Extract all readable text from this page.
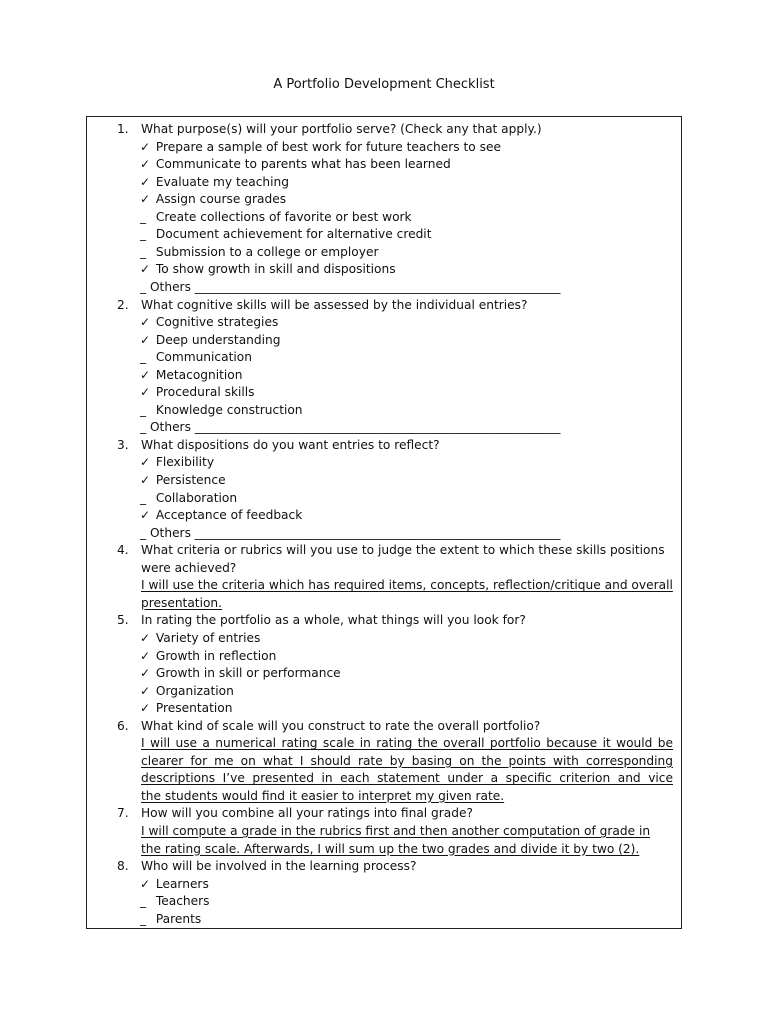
A Portfolio Development Checklist
1. What purpose(s) will your portfolio serve? (Check any that apply.)
✓ Prepare a sample of best work for future teachers to see
✓ Communicate to parents what has been learned
✓ Evaluate my teaching
✓ Assign course grades
_ Create collections of favorite or best work
_ Document achievement for alternative credit
_ Submission to a college or employer
✓ To show growth in skill and dispositions
_ Others ____________________________________________________________
2. What cognitive skills will be assessed by the individual entries?
✓ Cognitive strategies
✓ Deep understanding
_ Communication
✓ Metacognition
✓ Procedural skills
_ Knowledge construction
_ Others ____________________________________________________________
3. What dispositions do you want entries to reflect?
✓ Flexibility
✓ Persistence
_ Collaboration
✓ Acceptance of feedback
_ Others ____________________________________________________________
4. What criteria or rubrics will you use to judge the extent to which these skills positions
were achieved?
I will use the criteria which has required items, concepts, reflection/critique and overall
presentation.
5. In rating the portfolio as a whole, what things will you look for?
✓ Variety of entries
✓ Growth in reflection
✓ Growth in skill or performance
✓ Organization
✓ Presentation
6. What kind of scale will you construct to rate the overall portfolio?
I will use a numerical rating scale in rating the overall portfolio because it would be
clearer for me on what I should rate by basing on the points with corresponding
descriptions I’ve presented in each statement under a specific criterion and vice
the students would find it easier to interpret my given rate.
7. How will you combine all your ratings into final grade?
I will compute a grade in the rubrics first and then another computation of grade in
the rating scale. Afterwards, I will sum up the two grades and divide it by two (2).
8. Who will be involved in the learning process?
✓ Learners
_ Teachers
_ Parents
